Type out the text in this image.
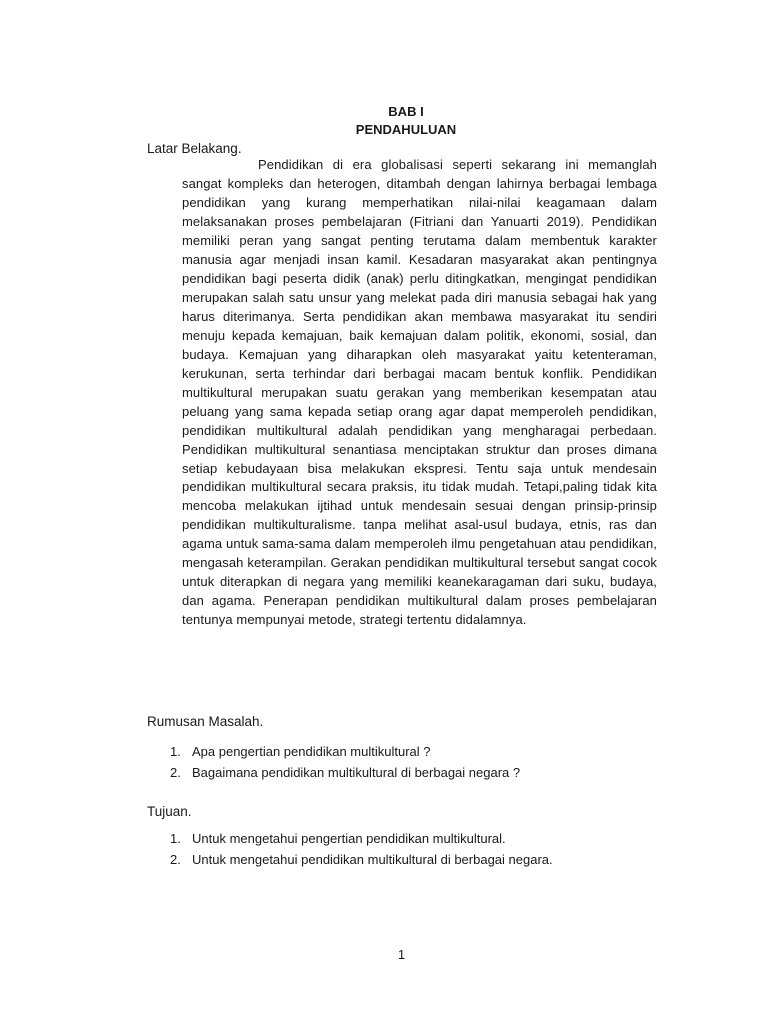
BAB I
PENDAHULUAN
Latar Belakang.

Pendidikan di era globalisasi seperti sekarang ini memanglah sangat kompleks dan heterogen, ditambah dengan lahirnya berbagai lembaga pendidikan yang kurang memperhatikan nilai-nilai keagamaan dalam melaksanakan proses pembelajaran (Fitriani dan Yanuarti 2019). Pendidikan memiliki peran yang sangat penting terutama dalam membentuk karakter manusia agar menjadi insan kamil. Kesadaran masyarakat akan pentingnya pendidikan bagi peserta didik (anak) perlu ditingkatkan, mengingat pendidikan merupakan salah satu unsur yang melekat pada diri manusia sebagai hak yang harus diterimanya. Serta pendidikan akan membawa masyarakat itu sendiri menuju kepada kemajuan, baik kemajuan dalam politik, ekonomi, sosial, dan budaya. Kemajuan yang diharapkan oleh masyarakat yaitu ketenteraman, kerukunan, serta terhindar dari berbagai macam bentuk konflik. Pendidikan multikultural merupakan suatu gerakan yang memberikan kesempatan atau peluang yang sama kepada setiap orang agar dapat memperoleh pendidikan, pendidikan multikultural adalah pendidikan yang mengharagai perbedaan. Pendidikan multikultural senantiasa menciptakan struktur dan proses dimana setiap kebudayaan bisa melakukan ekspresi. Tentu saja untuk mendesain pendidikan multikultural secara praksis, itu tidak mudah. Tetapi,paling tidak kita mencoba melakukan ijtihad untuk mendesain sesuai dengan prinsip-prinsip pendidikan multikulturalisme. tanpa melihat asal-usul budaya, etnis, ras dan agama untuk sama-sama dalam memperoleh ilmu pengetahuan atau pendidikan, mengasah keterampilan. Gerakan pendidikan multikultural tersebut sangat cocok untuk diterapkan di negara yang memiliki keanekaragaman dari suku, budaya, dan agama. Penerapan pendidikan multikultural dalam proses pembelajaran tentunya mempunyai metode, strategi tertentu didalamnya.

Rumusan Masalah.
1. Apa pengertian pendidikan multikultural ?
2. Bagaimana pendidikan multikultural di berbagai negara ?
Tujuan.
1. Untuk mengetahui pengertian pendidikan multikultural.
2. Untuk mengetahui pendidikan multikultural di berbagai negara.

1
